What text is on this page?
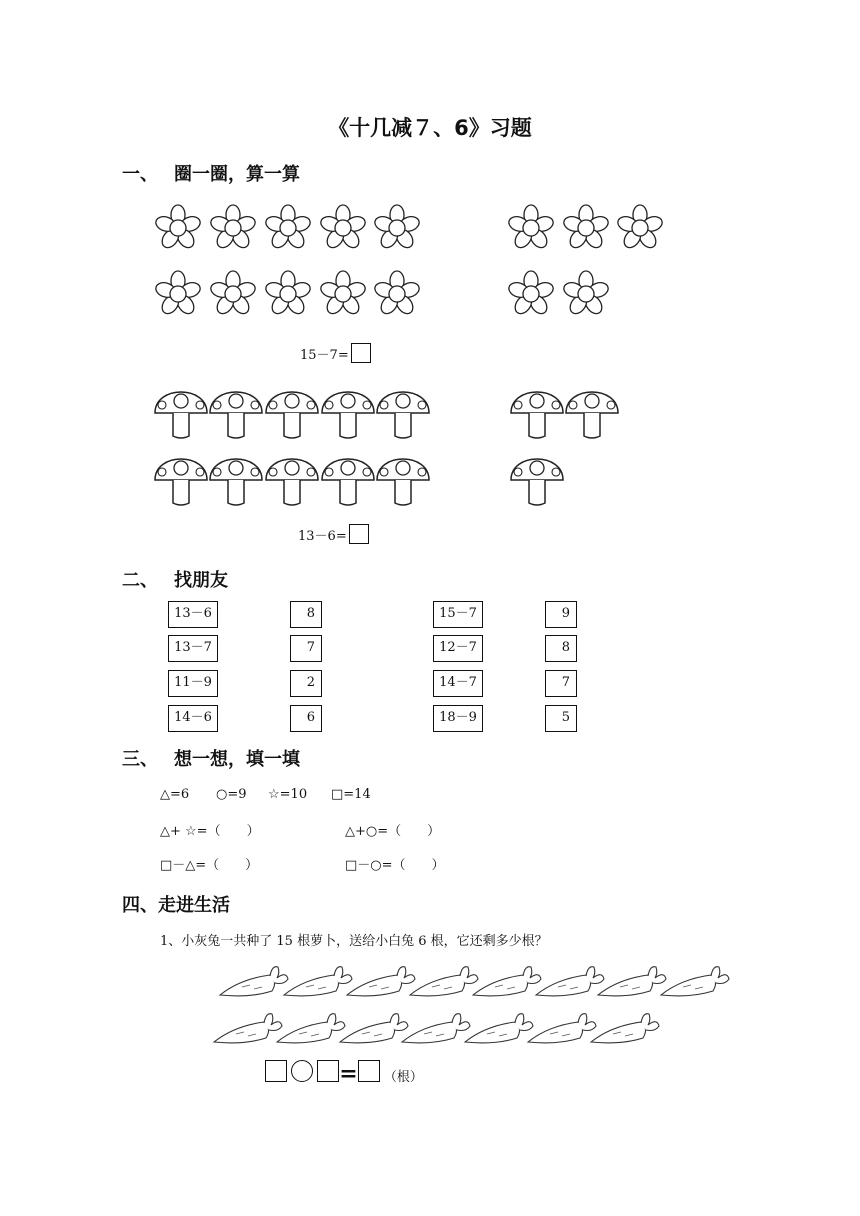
《十几减７、6》习题
一、 圈一圈，算一算
15－7=
13－6=
二、 找朋友
13－6
13－7
11－9
14－6
8
7
2
6
15－7
12－7
14－7
18－9
9
8
7
5
三、 想一想，填一填
△=6 ○=9 ☆=10 □=14
△+ ☆=（　　）	△+○=（　　）
□－△=（　　）	□－○=（　　）
四、走进生活
1、小灰兔一共种了 15 根萝卜，送给小白兔 6 根，它还剩多少根？
= （根）
